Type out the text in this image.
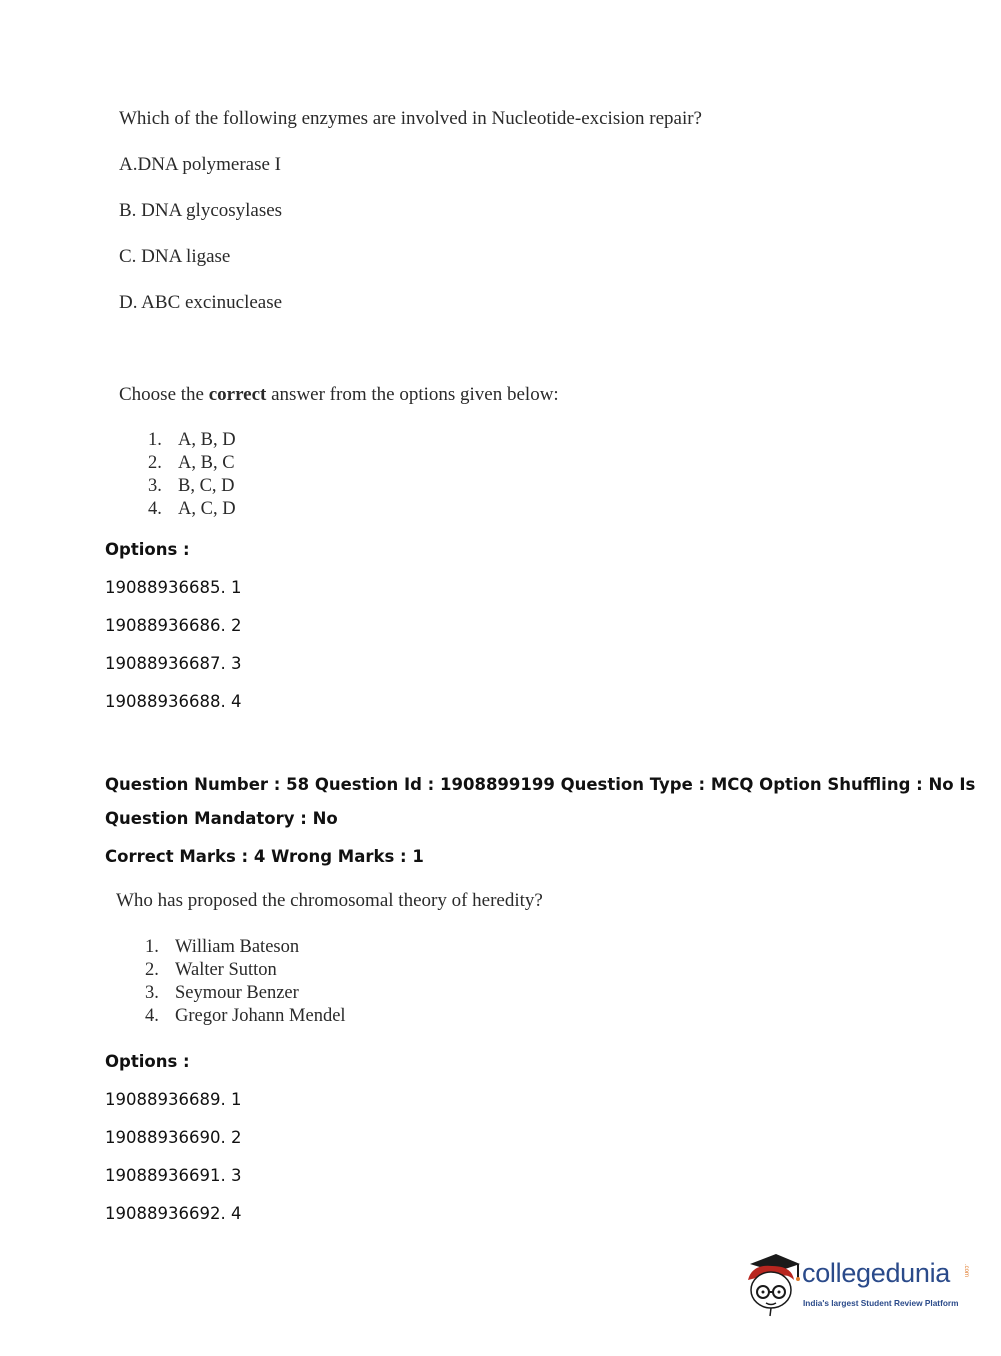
Which of the following enzymes are involved in Nucleotide-excision repair?
A.DNA polymerase I
B. DNA glycosylases
C. DNA ligase
D. ABC excinuclease
Choose the correct answer from the options given below:
1. A, B, D
2. A, B, C
3. B, C, D
4. A, C, D
Options :
19088936685. 1
19088936686. 2
19088936687. 3
19088936688. 4
Question Number : 58 Question Id : 1908899199 Question Type : MCQ Option Shuffling : No Is
Question Mandatory : No
Correct Marks : 4 Wrong Marks : 1
Who has proposed the chromosomal theory of heredity?
1. William Bateson
2. Walter Sutton
3. Seymour Benzer
4. Gregor Johann Mendel
Options :
19088936689. 1
19088936690. 2
19088936691. 3
19088936692. 4
collegedunia .com
India's largest Student Review Platform
